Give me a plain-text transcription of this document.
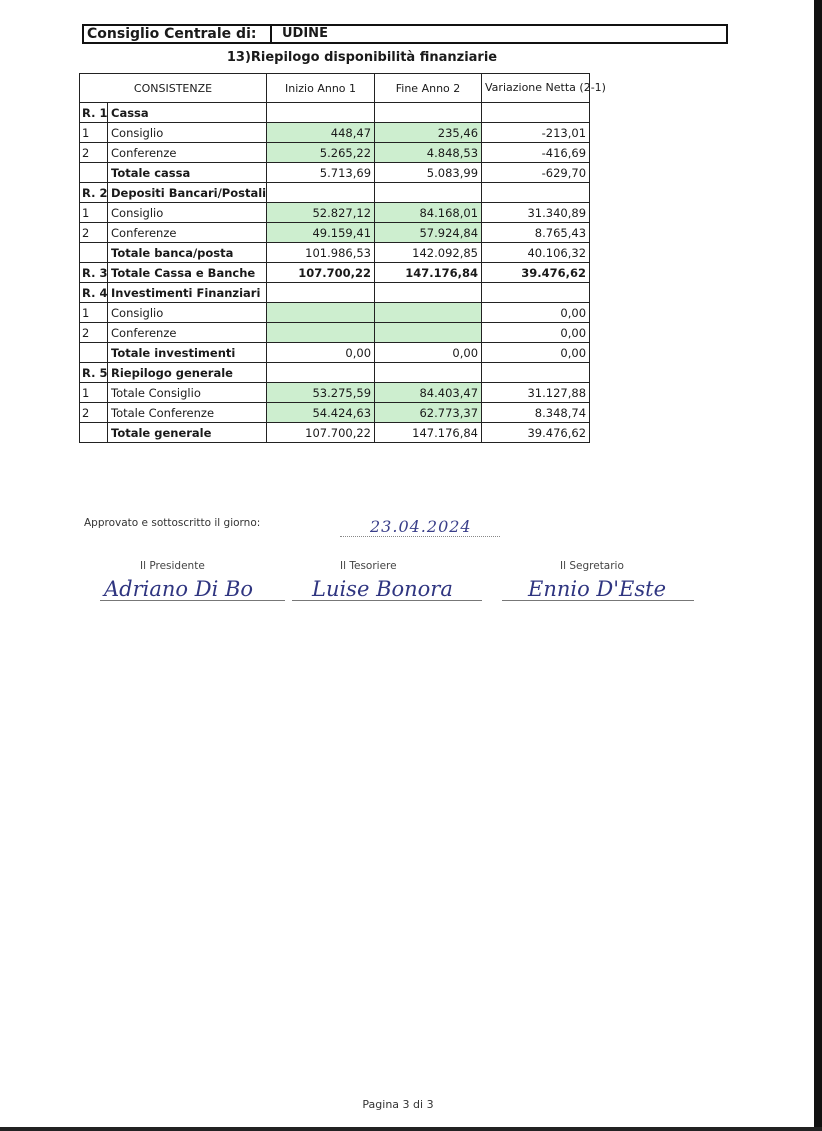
Consiglio Centrale di:	UDINE
13)Riepilogo disponibilità finanziarie
CONSISTENZE		Inizio Anno 1	Fine Anno 2	Variazione Netta (2-1)
R. 1	Cassa			
1	Consiglio	448,47	235,46	-213,01
2	Conferenze	5.265,22	4.848,53	-416,69
	Totale cassa	5.713,69	5.083,99	-629,70
R. 2	Depositi Bancari/Postali			
1	Consiglio	52.827,12	84.168,01	31.340,89
2	Conferenze	49.159,41	57.924,84	8.765,43
	Totale banca/posta	101.986,53	142.092,85	40.106,32
R. 3	Totale Cassa e Banche	107.700,22	147.176,84	39.476,62
R. 4	Investimenti Finanziari			
1	Consiglio			0,00
2	Conferenze			0,00
	Totale investimenti	0,00	0,00	0,00
R. 5	Riepilogo generale			
1	Totale Consiglio	53.275,59	84.403,47	31.127,88
2	Totale Conferenze	54.424,63	62.773,37	8.348,74
	Totale generale	107.700,22	147.176,84	39.476,62
Approvato e sottoscritto il giorno:	23.04.2024
Il Presidente	Il Tesoriere	Il Segretario
Adriano Di Bo	Luise Bonora	Ennio D'Este
Pagina 3 di 3
